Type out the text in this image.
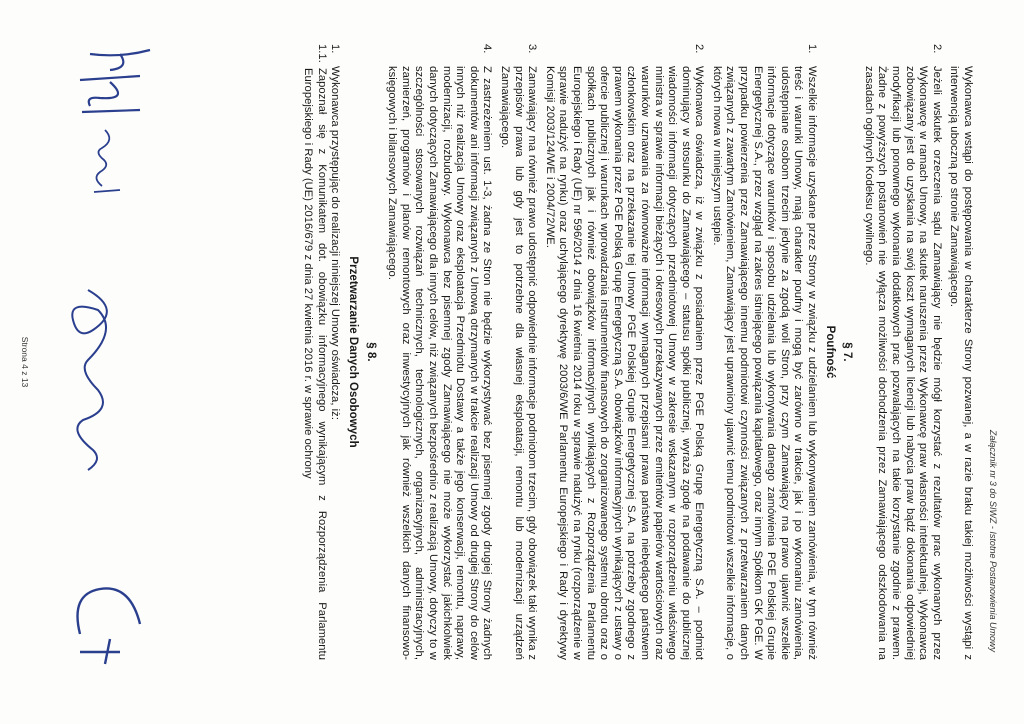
Załącznik nr 3 do SIWZ - Istotne Postanowienia Umowy

Wykonawca wstąpi do postępowania w charakterze Strony pozwanej, a w razie braku takiej możliwości wystąpi z interwencją uboczną po stronie Zamawiającego.

2.
Jeżeli wskutek orzeczenia sądu Zamawiający nie będzie mógł korzystać z rezultatów prac wykonanych przez Wykonawcę w ramach Umowy, na skutek naruszenia przez Wykonawcę praw własności intelektualnej, Wykonawca zobowiązany jest do uzyskania na swój koszt wymaganych licencji lub nabycia praw bądź dokonania odpowiedniej modyfikacji lub ponownego wykonania dodatkowych prac pozwalających na takie korzystanie zgodnie z prawem. Żadne z powyższych postanowień nie wyłącza możliwości dochodzenia przez Zamawiającego odszkodowania na zasadach ogólnych Kodeksu cywilnego.
§ 7.
Poufność
1.
Wszelkie informacje uzyskane przez Strony w związku z udzielaniem lub wykonywaniem zamówienia, w tym również treść i warunki Umowy, mają charakter poufny i mogą być zarówno w trakcie, jak i po wykonaniu zamówienia, udostępniane osobom trzecim jedynie za zgodą woli Stron, przy czym Zamawiający ma prawo ujawnić wszelkie informacje dotyczące warunków i sposobu udzielania lub wykonywania danego zamówienia PGE Polskiej Grupie Energetycznej S.A., przez wzgląd na zakres istniejącego powiązania kapitałowego, oraz innym Spółkom GK PGE. W przypadku powierzenia przez Zamawiającego innemu podmiotowi czynności związanych z przetwarzaniem danych związanych z zawartym Zamówieniem, Zamawiający jest uprawniony ujawnić temu podmiotowi wszelkie informacje, o których mowa w niniejszym ustępie.
2.
Wykonawca oświadcza, iż w związku z posiadaniem przez PGE Polską Grupę Energetyczną S.A. – podmiot dominujący w stosunku do Zamawiającego – statusu spółki publicznej, wyraża zgodę na podawanie do publicznej wiadomości informacji dotyczących przedmiotowej Umowy w zakresie wskazanym w rozporządzeniu właściwego ministra w sprawie informacji bieżących i okresowych przekazywanych przez emitentów papierów wartościowych oraz warunków uznawania za równoważne informacji wymaganych przepisami prawa państwa niebędącego państwem członkowskim oraz na przekazanie tej Umowy PGE Polskiej Grupie Energetycznej S.A. na potrzeby zgodnego z prawem wykonania przez PGE Polską Grupę Energetyczną S.A. obowiązków informacyjnych wynikających z ustawy o ofercie publicznej i warunkach wprowadzania instrumentów finansowych do zorganizowanego systemu obrotu oraz o spółkach publicznych jak i również obowiązków informacyjnych wynikających z Rozporządzenia Parlamentu Europejskiego i Rady (UE) nr 596/2014 z dnia 16 kwietnia 2014 roku w sprawie nadużyć na rynku (rozporządzenie w sprawie nadużyć na rynku) oraz uchylającego dyrektywę 2003/6/WE Parlamentu Europejskiego i Rady i dyrektywy Komisji 2003/124/WE i 2004/72/WE.
3.
Zamawiający ma również prawo udostępnić odpowiednie informacje podmiotom trzecim, gdy obowiązek taki wynika z przepisów prawa lub gdy jest to potrzebne dla własnej eksploatacji, remontu lub modernizacji urządzeń Zamawiającego.
4.
Z zastrzeżeniem ust. 1-3, żadna ze Stron nie będzie wykorzystywać bez pisemnej zgody drugiej Strony żadnych dokumentów ani informacji związanych z Umową otrzymanych w trakcie realizacji Umowy od drugiej Strony do celów innych niż realizacja Umowy oraz eksploatacja Przedmiotu Dostawy a także jego konserwacji, remontu, naprawy, modernizacji, rozbudowy. Wykonawca bez pisemnej zgody Zamawiającego nie może wykorzystać jakichkolwiek danych dotyczących Zamawiającego dla innych celów, niż związanych bezpośrednio z realizacją Umowy, dotyczy to w szczególności stosowanych rozwiązań technicznych, technologicznych, organizacyjnych, administracyjnych, zamierzeń, programów i planów remontowych oraz inwestycyjnych jak również wszelkich danych finansowo-księgowych i bilansowych Zamawiającego.
§ 8.
Przetwarzanie Danych Osobowych
1.
Wykonawca przystępując do realizacji niniejszej Umowy oświadcza, iż:
1.1.
Zapoznał się z Komunikatem dot. obowiązku informacyjnego wynikającym z Rozporządzenia Parlamentu Europejskiego i Rady (UE) 2016/679 z dnia 27 kwietnia 2016 r. w sprawie ochrony
Strona 4 z 13
